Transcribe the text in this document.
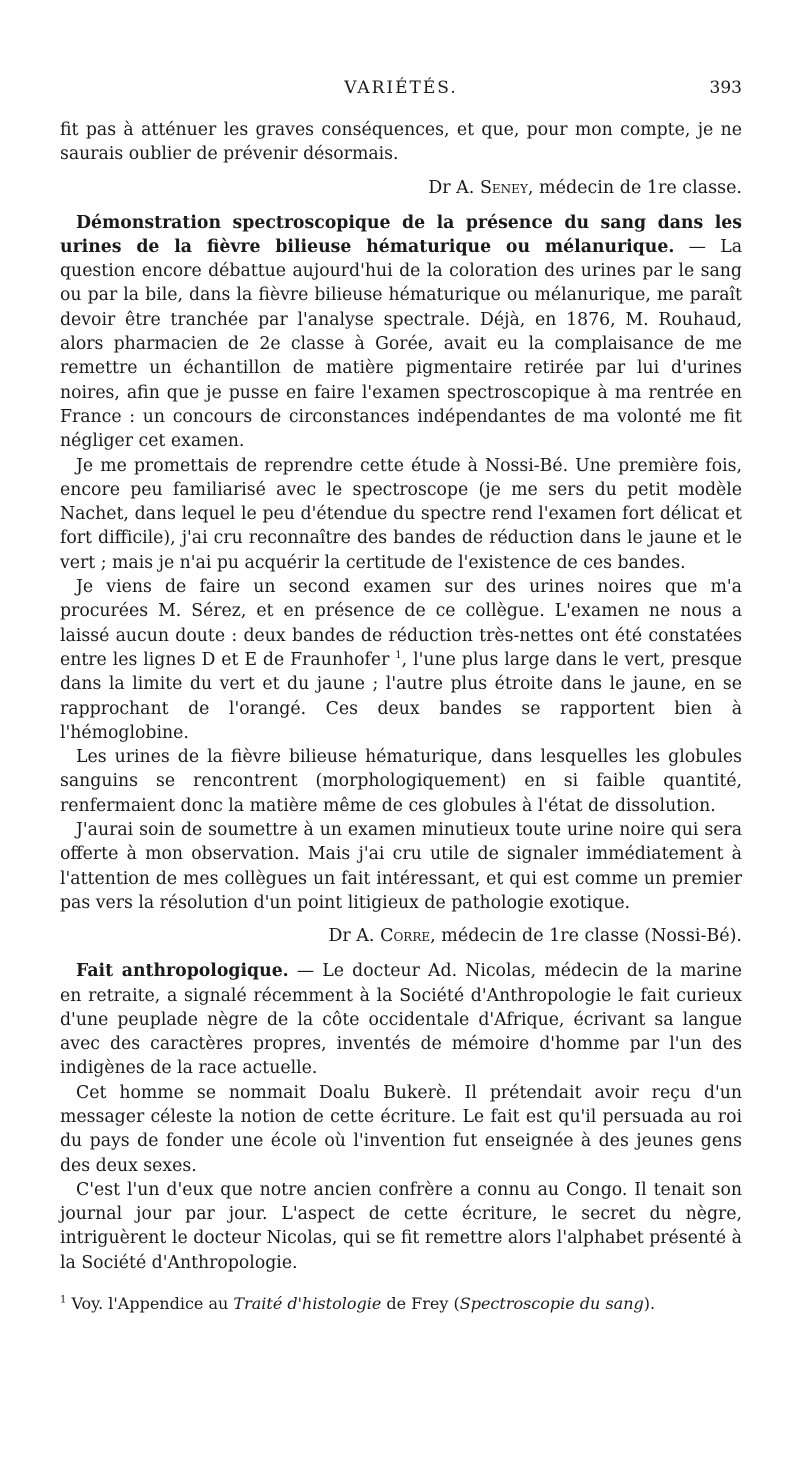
VARIÉTÉS.	393

fit pas à atténuer les graves conséquences, et que, pour mon compte, je ne saurais oublier de prévenir désormais.

Dr A. Seney, médecin de 1re classe.

Démonstration spectroscopique de la présence du sang dans les urines de la fièvre bilieuse hématurique ou mélanurique. — La question encore débattue aujourd'hui de la coloration des urines par le sang ou par la bile, dans la fièvre bilieuse hématurique ou mélanurique, me paraît devoir être tranchée par l'analyse spectrale. Déjà, en 1876, M. Rouhaud, alors pharmacien de 2e classe à Gorée, avait eu la complaisance de me remettre un échantillon de matière pigmentaire retirée par lui d'urines noires, afin que je pusse en faire l'examen spectroscopique à ma rentrée en France : un concours de circonstances indépendantes de ma volonté me fit négliger cet examen.

Je me promettais de reprendre cette étude à Nossi-Bé. Une première fois, encore peu familiarisé avec le spectroscope (je me sers du petit modèle Nachet, dans lequel le peu d'étendue du spectre rend l'examen fort délicat et fort difficile), j'ai cru reconnaître des bandes de réduction dans le jaune et le vert ; mais je n'ai pu acquérir la certitude de l'existence de ces bandes.

Je viens de faire un second examen sur des urines noires que m'a procurées M. Sérez, et en présence de ce collègue. L'examen ne nous a laissé aucun doute : deux bandes de réduction très-nettes ont été constatées entre les lignes D et E de Fraunhofer $^1$, l'une plus large dans le vert, presque dans la limite du vert et du jaune ; l'autre plus étroite dans le jaune, en se rapprochant de l'orangé. Ces deux bandes se rapportent bien à l'hémoglobine.

Les urines de la fièvre bilieuse hématurique, dans lesquelles les globules sanguins se rencontrent (morphologiquement) en si faible quantité, renfermaient donc la matière même de ces globules à l'état de dissolution.

J'aurai soin de soumettre à un examen minutieux toute urine noire qui sera offerte à mon observation. Mais j'ai cru utile de signaler immédiatement à l'attention de mes collègues un fait intéressant, et qui est comme un premier pas vers la résolution d'un point litigieux de pathologie exotique.

Dr A. Corre, médecin de 1re classe (Nossi-Bé).

Fait anthropologique. — Le docteur Ad. Nicolas, médecin de la marine en retraite, a signalé récemment à la Société d'Anthropologie le fait curieux d'une peuplade nègre de la côte occidentale d'Afrique, écrivant sa langue avec des caractères propres, inventés de mémoire d'homme par l'un des indigènes de la race actuelle.

Cet homme se nommait Doalu Bukerè. Il prétendait avoir reçu d'un messager céleste la notion de cette écriture. Le fait est qu'il persuada au roi du pays de fonder une école où l'invention fut enseignée à des jeunes gens des deux sexes.

C'est l'un d'eux que notre ancien confrère a connu au Congo. Il tenait son journal jour par jour. L'aspect de cette écriture, le secret du nègre, intriguèrent le docteur Nicolas, qui se fit remettre alors l'alphabet présenté à la Société d'Anthropologie.

$^1$ Voy. l'Appendice au Traité d'histologie de Frey (Spectroscopie du sang).
